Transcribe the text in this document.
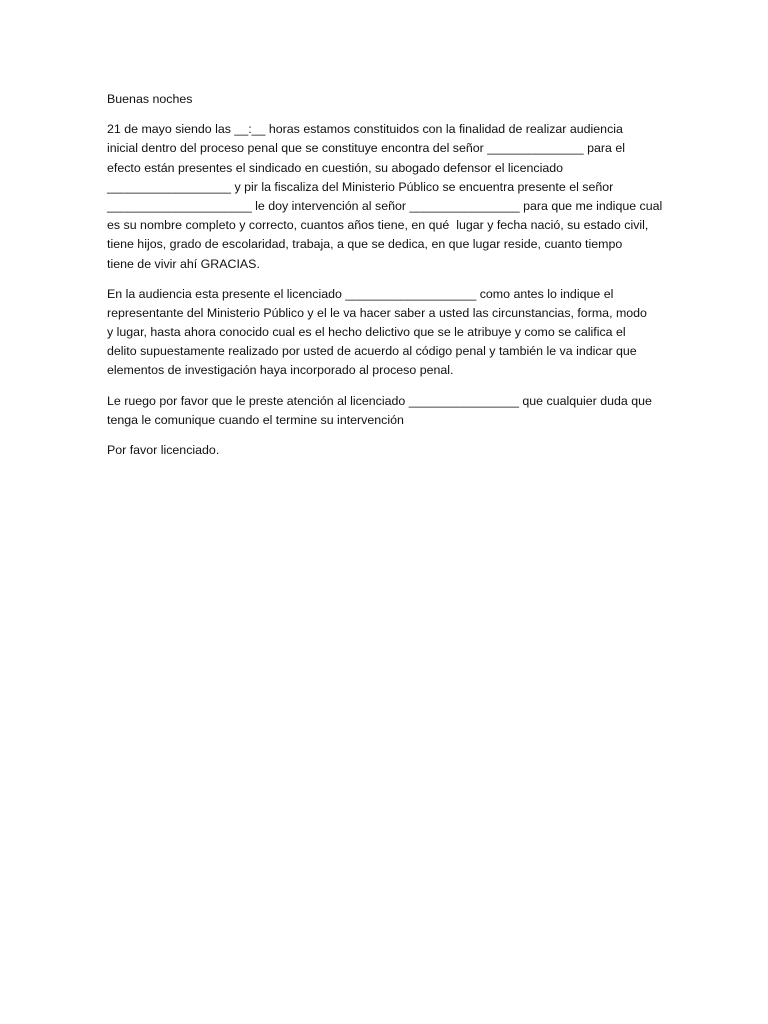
Buenas noches
21 de mayo siendo las __:__ horas estamos constituidos con la finalidad de realizar audiencia
inicial dentro del proceso penal que se constituye encontra del señor ______________ para el
efecto están presentes el sindicado en cuestión, su abogado defensor el licenciado
__________________ y pir la fiscaliza del Ministerio Público se encuentra presente el señor
_____________________ le doy intervención al señor ________________ para que me indique cual
es su nombre completo y correcto, cuantos años tiene, en qué  lugar y fecha nació, su estado civil,
tiene hijos, grado de escolaridad, trabaja, a que se dedica, en que lugar reside, cuanto tiempo
tiene de vivir ahí GRACIAS.
En la audiencia esta presente el licenciado ___________________ como antes lo indique el
representante del Ministerio Público y el le va hacer saber a usted las circunstancias, forma, modo
y lugar, hasta ahora conocido cual es el hecho delictivo que se le atribuye y como se califica el
delito supuestamente realizado por usted de acuerdo al código penal y también le va indicar que
elementos de investigación haya incorporado al proceso penal.
Le ruego por favor que le preste atención al licenciado ________________ que cualquier duda que
tenga le comunique cuando el termine su intervención
Por favor licenciado.
